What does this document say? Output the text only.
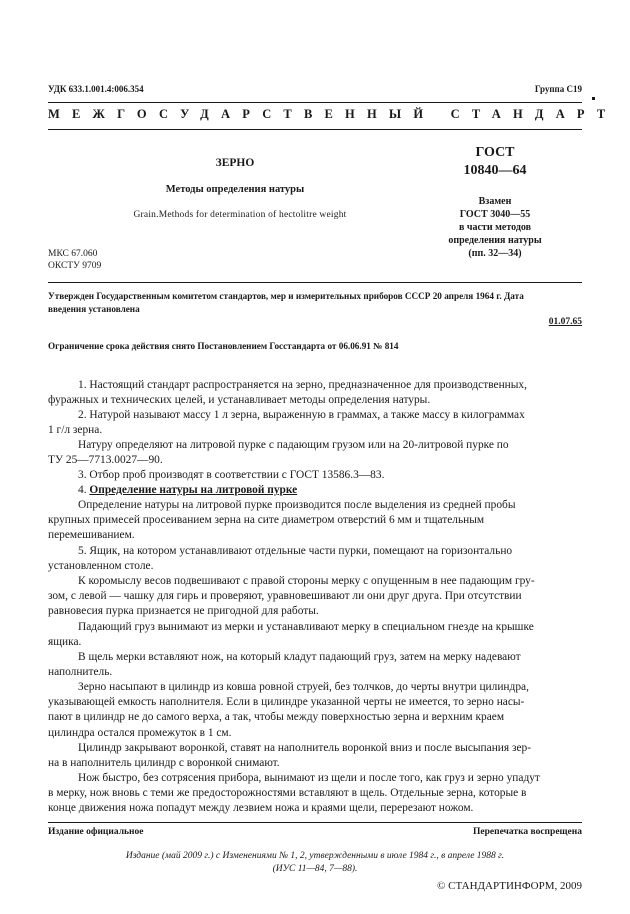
УДК 633.1.001.4:006.354	Группа С19
МЕЖГОСУДАРСТВЕННЫЙ СТАНДАРТ
ЗЕРНО
Методы определения натуры
Grain.Methods for determination of hectolitre weight
МКС 67.060
ОКСТУ 9709
ГОСТ
10840—64
Взамен
ГОСТ 3040—55
в части методов
определения натуры
(пп. 32—34)
Утвержден Государственным комитетом стандартов, мер и измерительных приборов СССР 20 апреля 1964 г. Дата
введения установлена
01.07.65
Ограничение срока действия снято Постановлением Госстандарта от 06.06.91 № 814
1. Настоящий стандарт распространяется на зерно, предназначенное для производственных,
фуражных и технических целей, и устанавливает методы определения натуры.
2. Натурой называют массу 1 л зерна, выраженную в граммах, а также массу в килограммах
1 г/л зерна.
Натуру определяют на литровой пурке с падающим грузом или на 20-литровой пурке по
ТУ 25—7713.0027—90.
3. Отбор проб производят в соответствии с ГОСТ 13586.3—83.
4. Определение натуры на литровой пурке
Определение натуры на литровой пурке производится после выделения из средней пробы
крупных примесей просеиванием зерна на сите диаметром отверстий 6 мм и тщательным
перемешиванием.
5. Ящик, на котором устанавливают отдельные части пурки, помещают на горизонтально
установленном столе.
К коромыслу весов подвешивают с правой стороны мерку с опущенным в нее падающим гру-
зом, с левой — чашку для гирь и проверяют, уравновешивают ли они друг друга. При отсутствии
равновесия пурка признается не пригодной для работы.
Падающий груз вынимают из мерки и устанавливают мерку в специальном гнезде на крышке
ящика.
В щель мерки вставляют нож, на который кладут падающий груз, затем на мерку надевают
наполнитель.
Зерно насыпают в цилиндр из ковша ровной струей, без толчков, до черты внутри цилиндра,
указывающей емкость наполнителя. Если в цилиндре указанной черты не имеется, то зерно насы-
пают в цилиндр не до самого верха, а так, чтобы между поверхностью зерна и верхним краем
цилиндра остался промежуток в 1 см.
Цилиндр закрывают воронкой, ставят на наполнитель воронкой вниз и после высыпания зер-
на в наполнитель цилиндр с воронкой снимают.
Нож быстро, без сотрясения прибора, вынимают из щели и после того, как груз и зерно упадут
в мерку, нож вновь с теми же предосторожностями вставляют в щель. Отдельные зерна, которые в
конце движения ножа попадут между лезвием ножа и краями щели, перерезают ножом.
Издание официальное	Перепечатка воспрещена
Издание (май 2009 г.) с Изменениями № 1, 2, утвержденными в июле 1984 г., в апреле 1988 г.
(ИУС 11—84, 7—88).
© СТАНДАРТИНФОРМ, 2009
